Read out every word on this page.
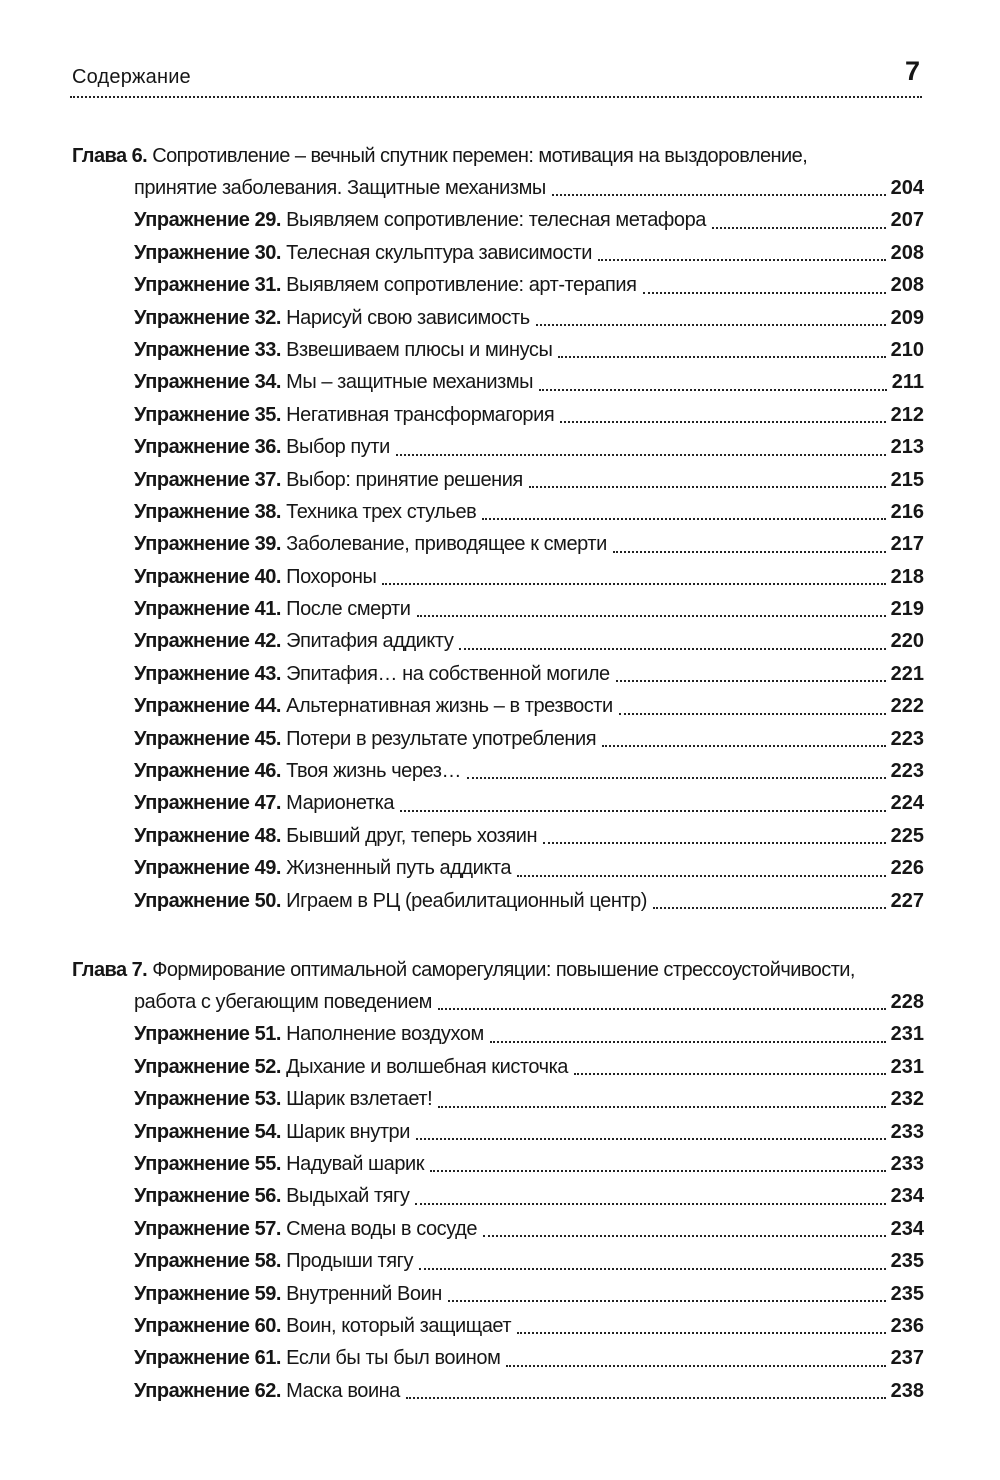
Содержание	7
Глава 6. Сопротивление – вечный спутник перемен: мотивация на выздоровление,
принятие заболевания. Защитные механизмы	204
Упражнение 29. Выявляем сопротивление: телесная метафора	207
Упражнение 30. Телесная скульптура зависимости	208
Упражнение 31. Выявляем сопротивление: арт-терапия	208
Упражнение 32. Нарисуй свою зависимость	209
Упражнение 33. Взвешиваем плюсы и минусы	210
Упражнение 34. Мы – защитные механизмы	211
Упражнение 35. Негативная трансформагория	212
Упражнение 36. Выбор пути	213
Упражнение 37. Выбор: принятие решения	215
Упражнение 38. Техника трех стульев	216
Упражнение 39. Заболевание, приводящее к смерти	217
Упражнение 40. Похороны	218
Упражнение 41. После смерти	219
Упражнение 42. Эпитафия аддикту	220
Упражнение 43. Эпитафия… на собственной могиле	221
Упражнение 44. Альтернативная жизнь – в трезвости	222
Упражнение 45. Потери в результате употребления	223
Упражнение 46. Твоя жизнь через…	223
Упражнение 47. Марионетка	224
Упражнение 48. Бывший друг, теперь хозяин	225
Упражнение 49. Жизненный путь аддикта	226
Упражнение 50. Играем в РЦ (реабилитационный центр)	227
Глава 7. Формирование оптимальной саморегуляции: повышение стрессоустойчивости,
работа с убегающим поведением	228
Упражнение 51. Наполнение воздухом	231
Упражнение 52. Дыхание и волшебная кисточка	231
Упражнение 53. Шарик взлетает!	232
Упражнение 54. Шарик внутри	233
Упражнение 55. Надувай шарик	233
Упражнение 56. Выдыхай тягу	234
Упражнение 57. Смена воды в сосуде	234
Упражнение 58. Продыши тягу	235
Упражнение 59. Внутренний Воин	235
Упражнение 60. Воин, который защищает	236
Упражнение 61. Если бы ты был воином	237
Упражнение 62. Маска воина	238
